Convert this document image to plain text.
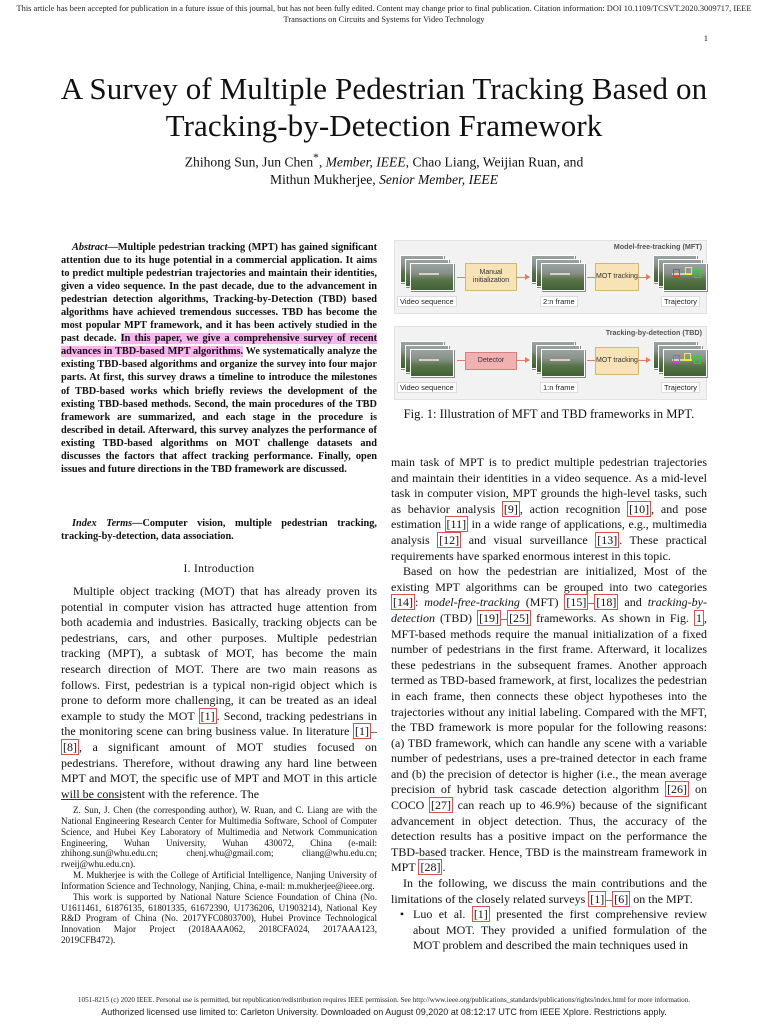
This article has been accepted for publication in a future issue of this journal, but has not been fully edited. Content may change prior to final publication. Citation information: DOI 10.1109/TCSVT.2020.3009717, IEEE
Transactions on Circuits and Systems for Video Technology
1
A Survey of Multiple Pedestrian Tracking Based on
Tracking-by-Detection Framework
Zhihong Sun, Jun Chen*, Member, IEEE, Chao Liang, Weijian Ruan, and
Mithun Mukherjee, Senior Member, IEEE
Abstract—Multiple pedestrian tracking (MPT) has gained significant attention due to its huge potential in a commercial application. It aims to predict multiple pedestrian trajectories and maintain their identities, given a video sequence. In the past decade, due to the advancement in pedestrian detection algorithms, Tracking-by-Detection (TBD) based algorithms have achieved tremendous successes. TBD has become the most popular MPT framework, and it has been actively studied in the past decade. In this paper, we give a comprehensive survey of recent advances in TBD-based MPT algorithms. We systematically analyze the existing TBD-based algorithms and organize the survey into four major parts. At first, this survey draws a timeline to introduce the milestones of TBD-based works which briefly reviews the development of the existing TBD-based methods. Second, the main procedures of the TBD framework are summarized, and each stage in the procedure is described in detail. Afterward, this survey analyzes the performance of existing TBD-based algorithms on MOT challenge datasets and discusses the factors that affect tracking performance. Finally, open issues and future directions in the TBD framework are discussed.
Index Terms—Computer vision, multiple pedestrian tracking, tracking-by-detection, data association.
I. Introduction
Multiple object tracking (MOT) that has already proven its potential in computer vision has attracted huge attention from both academia and industries. Basically, tracking objects can be pedestrians, cars, and other purposes. Multiple pedestrian tracking (MPT), a subtask of MOT, has become the main research direction of MOT. There are two main reasons as follows. First, pedestrian is a typical non-rigid object which is prone to deform more challenging, it can be treated as an ideal example to study the MOT [1] . Second, tracking pedestrians in the monitoring scene can bring business value. In literature [1] –[8] , a significant amount of MOT studies focused on pedestrians. Therefore, without drawing any hard line between MPT and MOT, the specific use of MPT and MOT in this article will be consistent with the reference. The

Z. Sun, J. Chen (the corresponding author), W. Ruan, and C. Liang are with the National Engineering Research Center for Multimedia Software, School of Computer Science, and Hubei Key Laboratory of Multimedia and Network Communication Engineering, Wuhan University, Wuhan 430072, China (e-mail: zhihong.sun@whu.edu.cn; chenj.whu@gmail.com; cliang@whu.edu.cn; rweij@whu.edu.cn).

M. Mukherjee is with the College of Artificial Intelligence, Nanjing University of Information Science and Technology, Nanjing, China, e-mail: m.mukherjee@ieee.org.

This work is supported by National Nature Science Foundation of China (No. U1611461, 61876135, 61801335, 61672390, U1736206, U1903214), National Key R&D Program of China (No. 2017YFC0803700), Hubei Province Technological Innovation Major Project (2018AAA062, 2018CFA024, 2017AAA123, 2019CFB472).

Model-free-tracking (MFT)
Video sequence
Manual initialization
2:n frame
MOT tracking
Trajectory
Tracking-by-detection (TBD)
Video sequence
Detector
1:n frame
MOT tracking
Trajectory
Fig. 1: Illustration of MFT and TBD frameworks in MPT.

main task of MPT is to predict multiple pedestrian trajectories and maintain their identities in a video sequence. As a mid-level task in computer vision, MPT grounds the high-level tasks, such as behavior analysis [9] , action recognition [10] , and pose estimation [11] in a wide range of applications, e.g., multimedia analysis [12] and visual surveillance [13] . These practical requirements have sparked enormous interest in this topic.

Based on how the pedestrian are initialized, Most of the existing MPT algorithms can be grouped into two categories [14] : model-free-tracking (MFT) [15] – [18] and tracking-by-detection (TBD) [19] – [25] frameworks. As shown in Fig. 1 , MFT-based methods require the manual initialization of a fixed number of pedestrians in the first frame. Afterward, it localizes these pedestrians in the subsequent frames. Another approach termed as TBD-based framework, at first, localizes the pedestrian in each frame, then connects these object hypotheses into the trajectories without any initial labeling. Compared with the MFT, the TBD framework is more popular for the following reasons: (a) TBD framework, which can handle any scene with a variable number of pedestrians, uses a pre-trained detector in each frame and (b) the precision of detector is higher (i.e., the mean average precision of hybrid task cascade detection algorithm [26] on COCO [27] can reach up to 46.9%) because of the significant advancement in object detection. Thus, the accuracy of the detection results has a positive impact on the performance the TBD-based tracker. Hence, TBD is the mainstream framework in MPT [28] .

In the following, we discuss the main contributions and the limitations of the closely related surveys [1] – [6] on the MPT.

• Luo et al. [1] presented the first comprehensive review about MOT. They provided a unified formulation of the MOT problem and described the main techniques used in
1051-8215 (c) 2020 IEEE. Personal use is permitted, but republication/redistribution requires IEEE permission. See http://www.ieee.org/publications_standards/publications/rights/index.html for more information.
Authorized licensed use limited to: Carleton University. Downloaded on August 09,2020 at 08:12:17 UTC from IEEE Xplore. Restrictions apply.
